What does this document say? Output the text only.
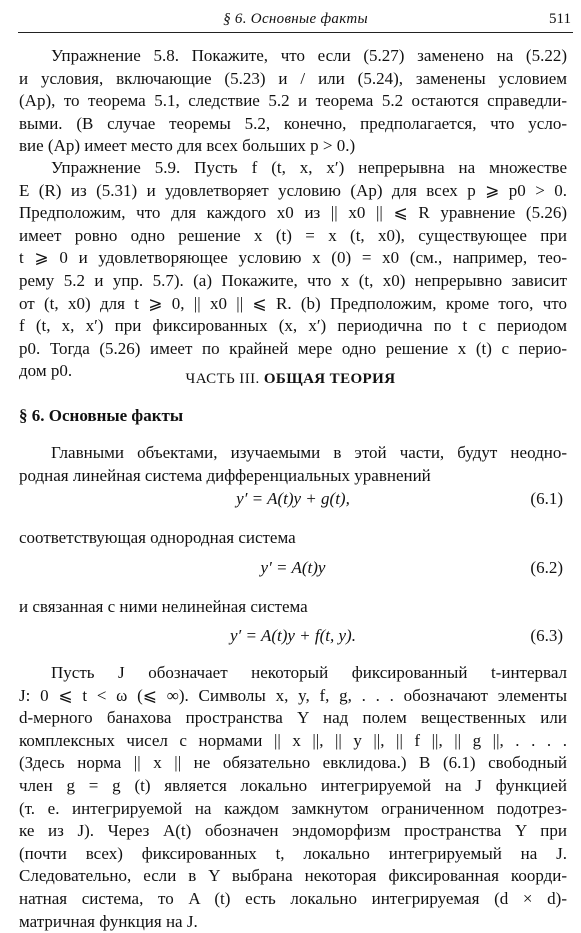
§ 6. Основные факты	511
Упражнение 5.8. Покажите, что если (5.27) заменено на (5.22)
и условия, включающие (5.23) и / или (5.24), заменены условием
(Ap), то теорема 5.1, следствие 5.2 и теорема 5.2 остаются справедли-
выми. (В случае теоремы 5.2, конечно, предполагается, что усло-
вие (Ap) имеет место для всех больших p > 0.)
Упражнение 5.9. Пусть f (t, x, x′) непрерывна на множестве
E (R) из (5.31) и удовлетворяет условию (Ap) для всех p ⩾ p0 > 0.
Предположим, что для каждого x0 из || x0 || ⩽ R уравнение (5.26)
имеет ровно одно решение x (t) = x (t, x0), существующее при
t ⩾ 0 и удовлетворяющее условию x (0) = x0 (см., например, тео-
рему 5.2 и упр. 5.7). (a) Покажите, что x (t, x0) непрерывно зависит
от (t, x0) для t ⩾ 0, || x0 || ⩽ R. (b) Предположим, кроме того, что
f (t, x, x′) при фиксированных (x, x′) периодична по t с периодом
p0. Тогда (5.26) имеет по крайней мере одно решение x (t) с перио-
дом p0.	ЧАСТЬ III. ОБЩАЯ ТЕОРИЯ
§ 6. Основные факты
Главными объектами, изучаемыми в этой части, будут неоднo-
родная линейная система дифференциальных уравнений
y′ = A(t)y + g(t),	(6.1)
соответствующая однородная система
y′ = A(t)y	(6.2)
и связанная с ними нелинейная система
y′ = A(t)y + f(t, y).	(6.3)
Пусть J обозначает некоторый фиксированный t-интервал
J: 0 ⩽ t < ω (⩽ ∞). Символы x, y, f, g, . . . обозначают элементы
d-мерного банахова пространства Y над полем вещественных или
комплексных чисел с нормами || x ||, || y ||, || f ||, || g ||, . . . .
(Здесь норма || x || не обязательно евклидова.) В (6.1) свободный
член g = g (t) является локально интегрируемой на J функцией
(т. е. интегрируемой на каждом замкнутом ограниченном подотрез-
ке из J). Через A(t) обозначен эндоморфизм пространства Y при
(почти всех) фиксированных t, локально интегрируемый на J.
Следовательно, если в Y выбрана некоторая фиксированная коорди-
натная система, то A (t) есть локально интегрируемая (d × d)-
матричная функция на J.
